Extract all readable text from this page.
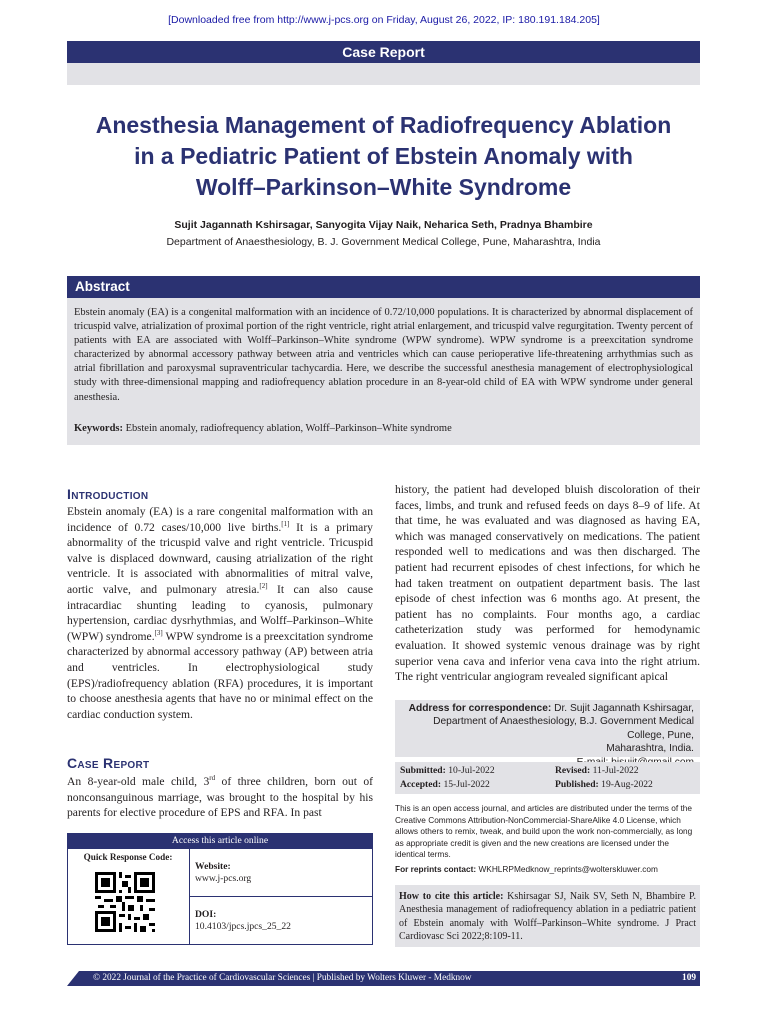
[Downloaded free from http://www.j-pcs.org on Friday, August 26, 2022, IP: 180.191.184.205]
Case Report
Anesthesia Management of Radiofrequency Ablation
in a Pediatric Patient of Ebstein Anomaly with
Wolff–Parkinson–White Syndrome
Sujit Jagannath Kshirsagar, Sanyogita Vijay Naik, Neharica Seth, Pradnya Bhambire
Department of Anaesthesiology, B. J. Government Medical College, Pune, Maharashtra, India
Abstract
Ebstein anomaly (EA) is a congenital malformation with an incidence of 0.72/10,000 populations. It is characterized by abnormal displacement of tricuspid valve, atrialization of proximal portion of the right ventricle, right atrial enlargement, and tricuspid valve regurgitation. Twenty percent of patients with EA are associated with Wolff–Parkinson–White syndrome (WPW syndrome). WPW syndrome is a preexcitation syndrome characterized by abnormal accessory pathway between atria and ventricles which can cause perioperative life-threatening arrhythmias such as atrial fibrillation and paroxysmal supraventricular tachycardia. Here, we describe the successful anesthesia management of electrophysiological study with three-dimensional mapping and radiofrequency ablation procedure in an 8-year-old child of EA with WPW syndrome under general anesthesia.
Keywords: Ebstein anomaly, radiofrequency ablation, Wolff–Parkinson–White syndrome
Introduction
Ebstein anomaly (EA) is a rare congenital malformation with an incidence of 0.72 cases/10,000 live births.[1] It is a primary abnormality of the tricuspid valve and right ventricle. Tricuspid valve is displaced downward, causing atrialization of the right ventricle. It is associated with abnormalities of mitral valve, aortic valve, and pulmonary atresia.[2] It can also cause intracardiac shunting leading to cyanosis, pulmonary hypertension, cardiac dysrhythmias, and Wolff–Parkinson–White (WPW) syndrome.[3] WPW syndrome is a preexcitation syndrome characterized by abnormal accessory pathway (AP) between atria and ventricles. In electrophysiological study (EPS)/radiofrequency ablation (RFA) procedures, it is important to choose anesthesia agents that have no or minimal effect on the cardiac conduction system.
Case Report
An 8-year-old male child, 3rd of three children, born out of nonconsanguinous marriage, was brought to the hospital by his parents for elective procedure of EPS and RFA. In past
history, the patient had developed bluish discoloration of their faces, limbs, and trunk and refused feeds on days 8–9 of life. At that time, he was evaluated and was diagnosed as having EA, which was managed conservatively on medications. The patient responded well to medications and was then discharged. The patient had recurrent episodes of chest infections, for which he had taken treatment on outpatient department basis. The last episode of chest infection was 6 months ago. At present, the patient has no complaints. Four months ago, a cardiac catheterization study was performed for hemodynamic evaluation. It showed systemic venous drainage was by right superior vena cava and inferior vena cava into the right atrium. The right ventricular angiogram revealed significant apical
Address for correspondence: Dr. Sujit Jagannath Kshirsagar,
Department of Anaesthesiology, B.J. Government Medical College, Pune,
Maharashtra, India.
Submitted: 10-Jul-2022	Revised: 11-Jul-2022
Accepted: 15-Jul-2022	Published: 19-Aug-2022
This is an open access journal, and articles are distributed under the terms of the Creative Commons Attribution-NonCommercial-ShareAlike 4.0 License, which allows others to remix, tweak, and build upon the work non-commercially, as long as appropriate credit is given and the new creations are licensed under the identical terms.
For reprints contact: WKHLRPMedknow_reprints@wolterskluwer.com
How to cite this article: Kshirsagar SJ, Naik SV, Seth N, Bhambire P. Anesthesia management of radiofrequency ablation in a pediatric patient of Ebstein anomaly with Wolff–Parkinson–White syndrome. J Pract Cardiovasc Sci 2022;8:109-11.
Access this article online
Quick Response Code:
Website:
www.j-pcs.org
DOI:
10.4103/jpcs.jpcs_25_22
© 2022 Journal of the Practice of Cardiovascular Sciences | Published by Wolters Kluwer - Medknow	109
